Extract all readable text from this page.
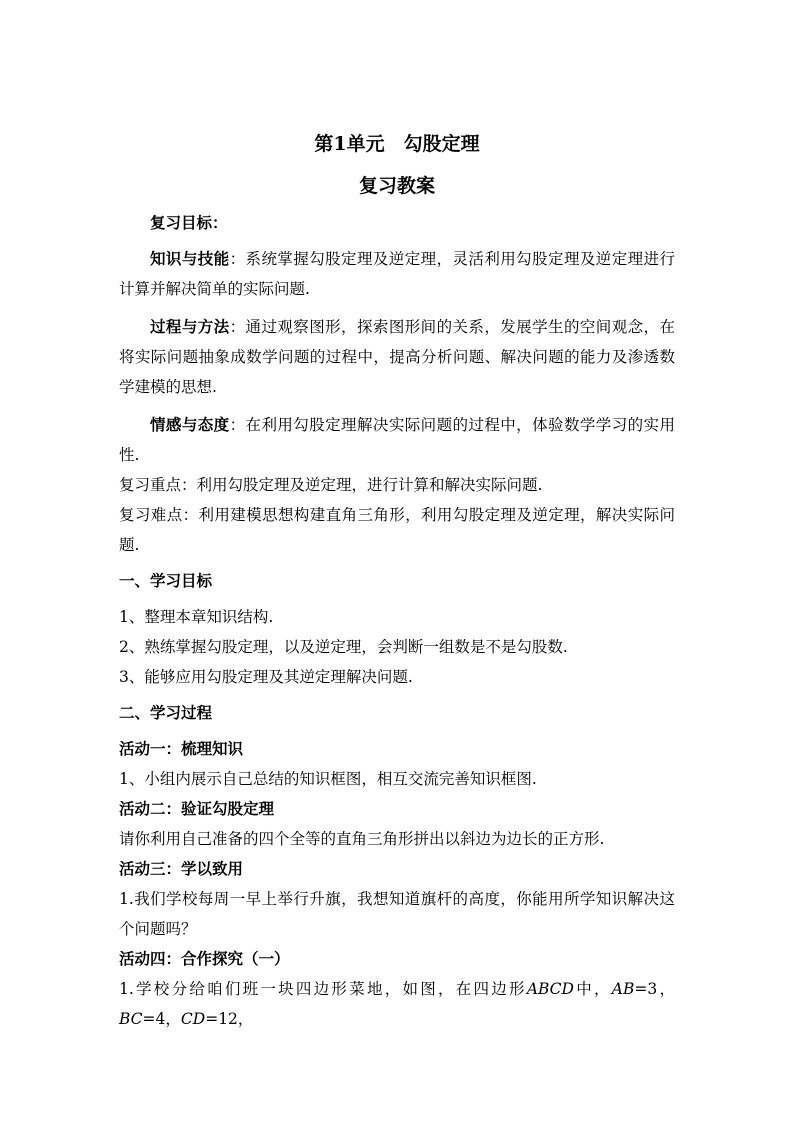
第1单元　勾股定理
复习教案

复习目标：

知识与技能：系统掌握勾股定理及逆定理，灵活利用勾股定理及逆定理进行计算并解决简单的实际问题.

过程与方法：通过观察图形，探索图形间的关系，发展学生的空间观念，在将实际问题抽象成数学问题的过程中，提高分析问题、解决问题的能力及渗透数学建模的思想.

情感与态度：在利用勾股定理解决实际问题的过程中，体验数学学习的实用性.

复习重点：利用勾股定理及逆定理，进行计算和解决实际问题.

复习难点：利用建模思想构建直角三角形，利用勾股定理及逆定理，解决实际问题.

一、学习目标

1、整理本章知识结构.

2、熟练掌握勾股定理，以及逆定理，会判断一组数是不是勾股数.

3、能够应用勾股定理及其逆定理解决问题.

二、学习过程

活动一：梳理知识

1、小组内展示自己总结的知识框图，相互交流完善知识框图.

活动二：验证勾股定理

请你利用自己准备的四个全等的直角三角形拼出以斜边为边长的正方形.

活动三：学以致用

1.我们学校每周一早上举行升旗，我想知道旗杆的高度，你能用所学知识解决这个问题吗？

活动四：合作探究（一）

1.学校分给咱们班一块四边形菜地，如图，在四边形ABCD中，AB=3，BC=4，CD=12，
